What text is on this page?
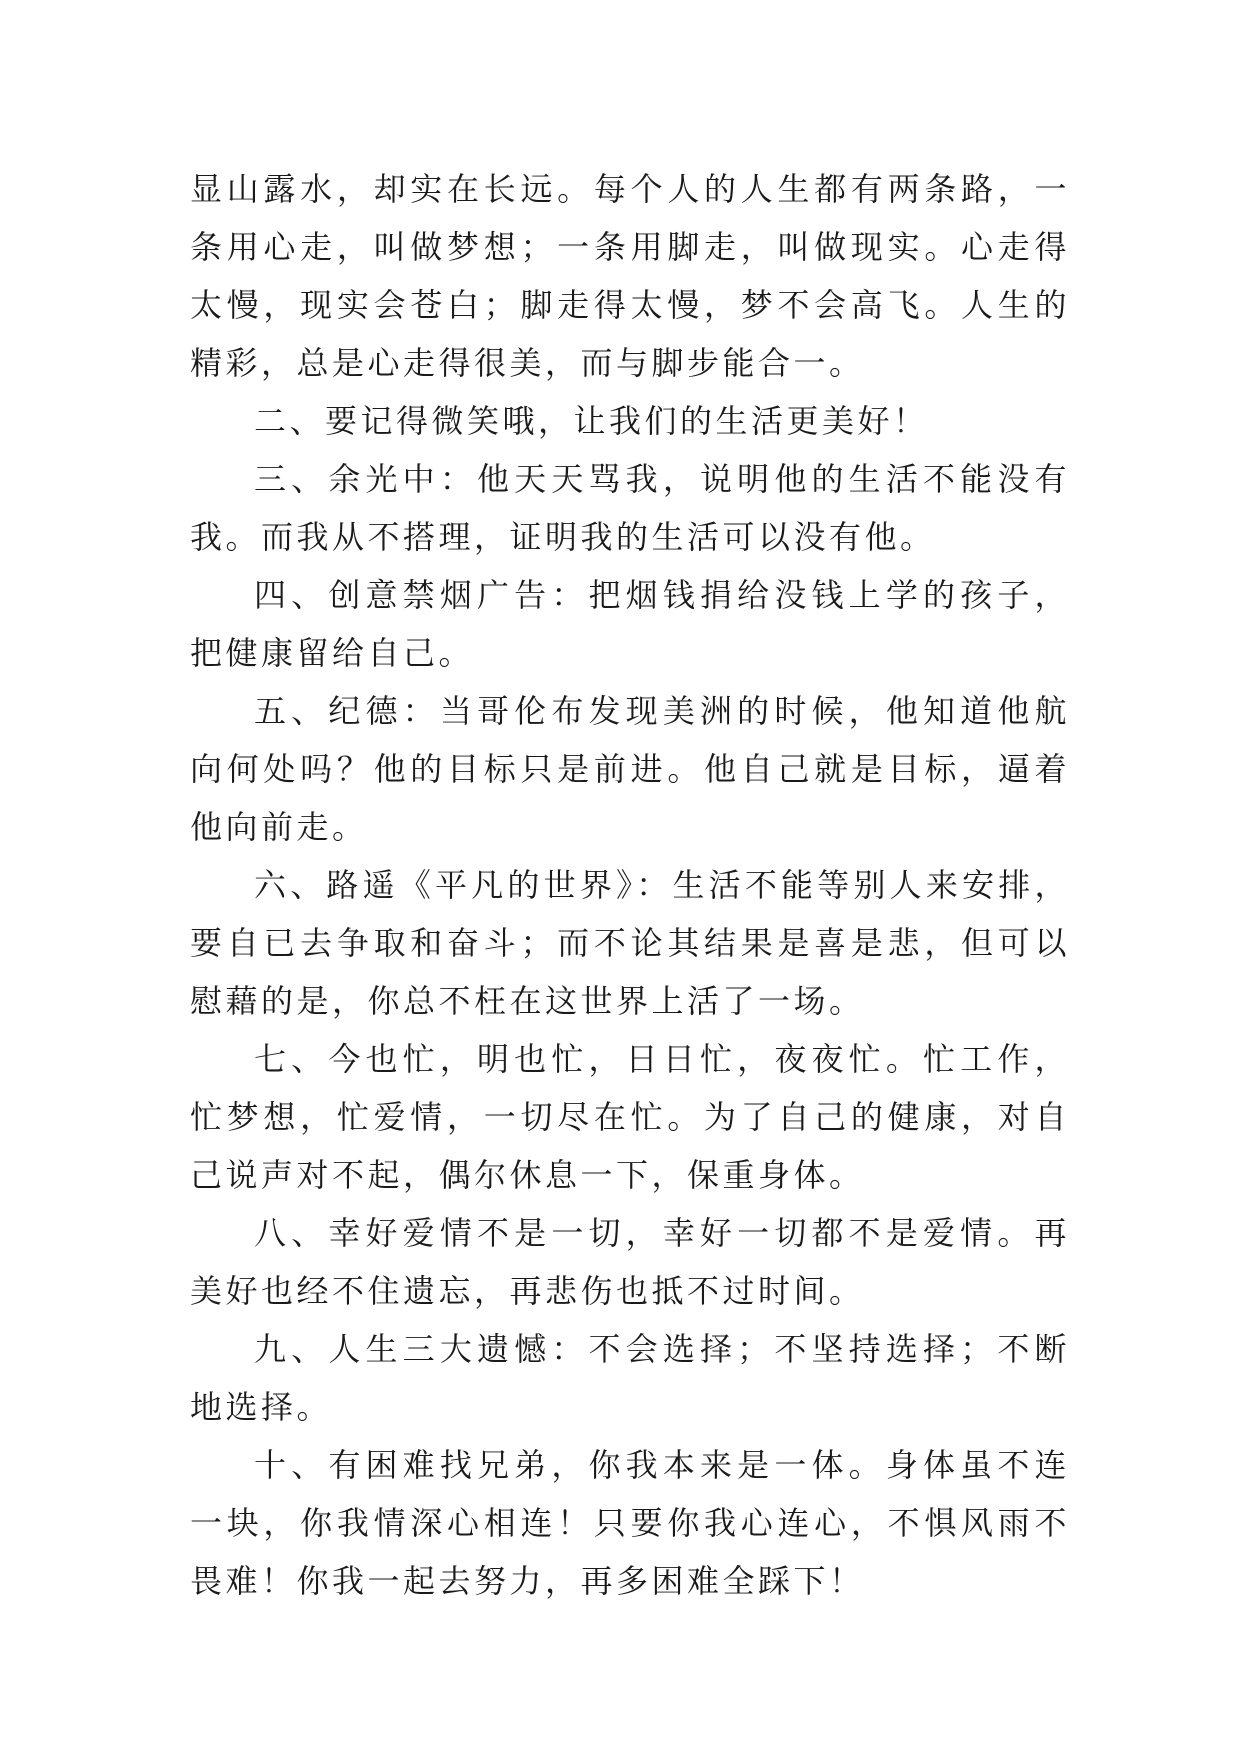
显山露水，却实在长远。每个人的人生都有两条路，一条用心走，叫做梦想；一条用脚走，叫做现实。心走得太慢，现实会苍白；脚走得太慢，梦不会高飞。人生的精彩，总是心走得很美，而与脚步能合一。

二、要记得微笑哦，让我们的生活更美好！

三、余光中：他天天骂我，说明他的生活不能没有我。而我从不搭理，证明我的生活可以没有他。

四、创意禁烟广告：把烟钱捐给没钱上学的孩子，把健康留给自己。

五、纪德：当哥伦布发现美洲的时候，他知道他航向何处吗？他的目标只是前进。他自己就是目标，逼着他向前走。

六、路遥《平凡的世界》：生活不能等别人来安排，要自已去争取和奋斗；而不论其结果是喜是悲，但可以慰藉的是，你总不枉在这世界上活了一场。

七、今也忙，明也忙，日日忙，夜夜忙。忙工作，忙梦想，忙爱情，一切尽在忙。为了自己的健康，对自己说声对不起，偶尔休息一下，保重身体。

八、幸好爱情不是一切，幸好一切都不是爱情。再美好也经不住遗忘，再悲伤也抵不过时间。

九、人生三大遗憾：不会选择；不坚持选择；不断地选择。

十、有困难找兄弟，你我本来是一体。身体虽不连一块，你我情深心相连！只要你我心连心，不惧风雨不畏难！你我一起去努力，再多困难全踩下！
